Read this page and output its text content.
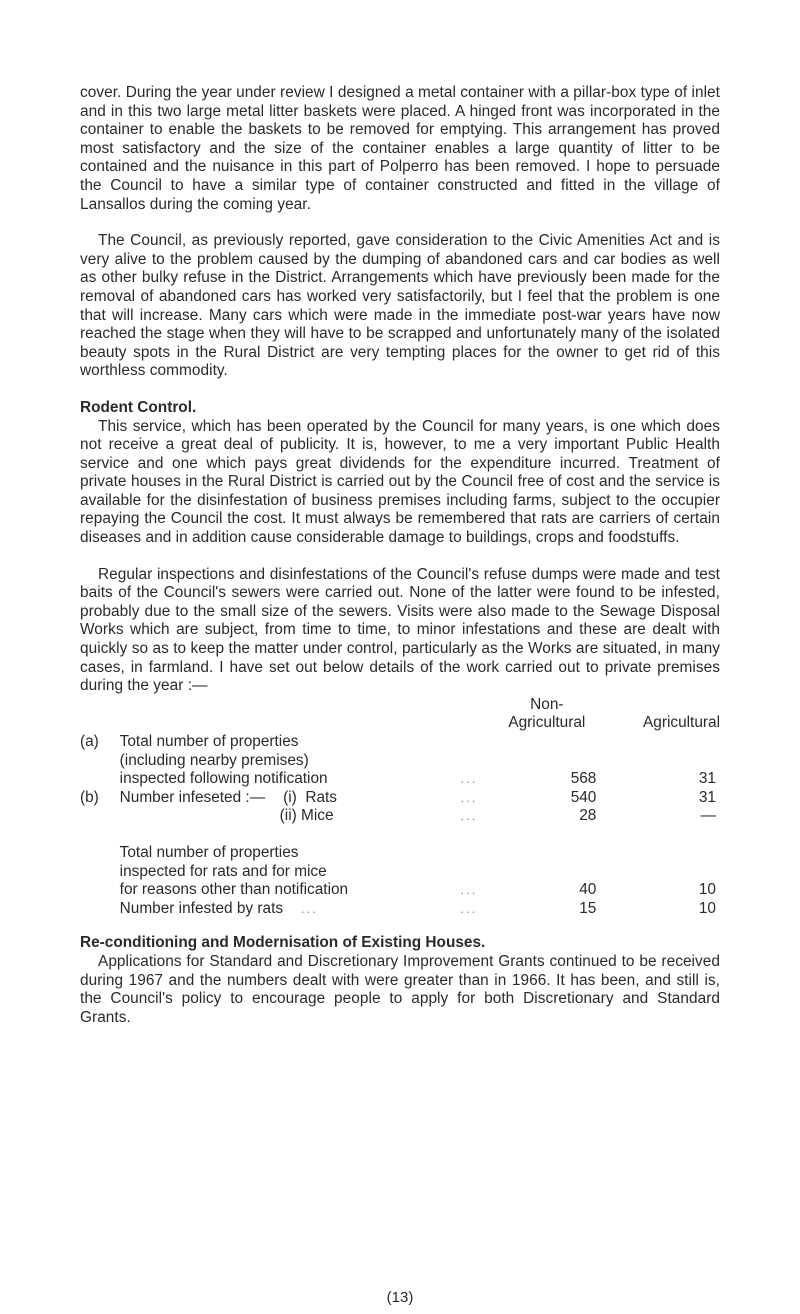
cover. During the year under review I designed a metal container with a pillar-box type of inlet and in this two large metal litter baskets were placed. A hinged front was incorporated in the container to enable the baskets to be removed for emptying. This arrangement has proved most satisfactory and the size of the container enables a large quantity of litter to be contained and the nuisance in this part of Polperro has been removed. I hope to persuade the Council to have a similar type of container constructed and fitted in the village of Lansallos during the coming year.

The Council, as previously reported, gave consideration to the Civic Amenities Act and is very alive to the problem caused by the dumping of abandoned cars and car bodies as well as other bulky refuse in the District. Arrangements which have previously been made for the removal of abandoned cars has worked very satisfactorily, but I feel that the problem is one that will increase. Many cars which were made in the immediate post-war years have now reached the stage when they will have to be scrapped and unfortunately many of the isolated beauty spots in the Rural District are very tempting places for the owner to get rid of this worthless commodity.

Rodent Control.

This service, which has been operated by the Council for many years, is one which does not receive a great deal of publicity. It is, however, to me a very important Public Health service and one which pays great dividends for the expenditure incurred. Treatment of private houses in the Rural District is carried out by the Council free of cost and the service is available for the disinfestation of business premises including farms, subject to the occupier repaying the Council the cost. It must always be remembered that rats are carriers of certain diseases and in addition cause considerable damage to buildings, crops and foodstuffs.

Regular inspections and disinfestations of the Council's refuse dumps were made and test baits of the Council's sewers were carried out. None of the latter were found to be infested, probably due to the small size of the sewers. Visits were also made to the Sewage Disposal Works which are subject, from time to time, to minor infestations and these are dealt with quickly so as to keep the matter under control, particularly as the Works are situated, in many cases, in farmland. I have set out below details of the work carried out to private premises during the year :—

			Non-	
			Agricultural	Agricultural
(a)	Total number of properties			
	(including nearby premises)			
	inspected following notification	...	568	31
(b)	Number infeseted :— (i)  Rats	...	540	31
	(ii) Mice	...	28	—

	Total number of properties			
	inspected for rats and for mice			
	for reasons other than notification	...	40	10
	Number infested by rats ...	...	15	10
Re-conditioning and Modernisation of Existing Houses.

Applications for Standard and Discretionary Improvement Grants continued to be received during 1967 and the numbers dealt with were greater than in 1966. It has been, and still is, the Council's policy to encourage people to apply for both Discretionary and Standard Grants.

(13)
